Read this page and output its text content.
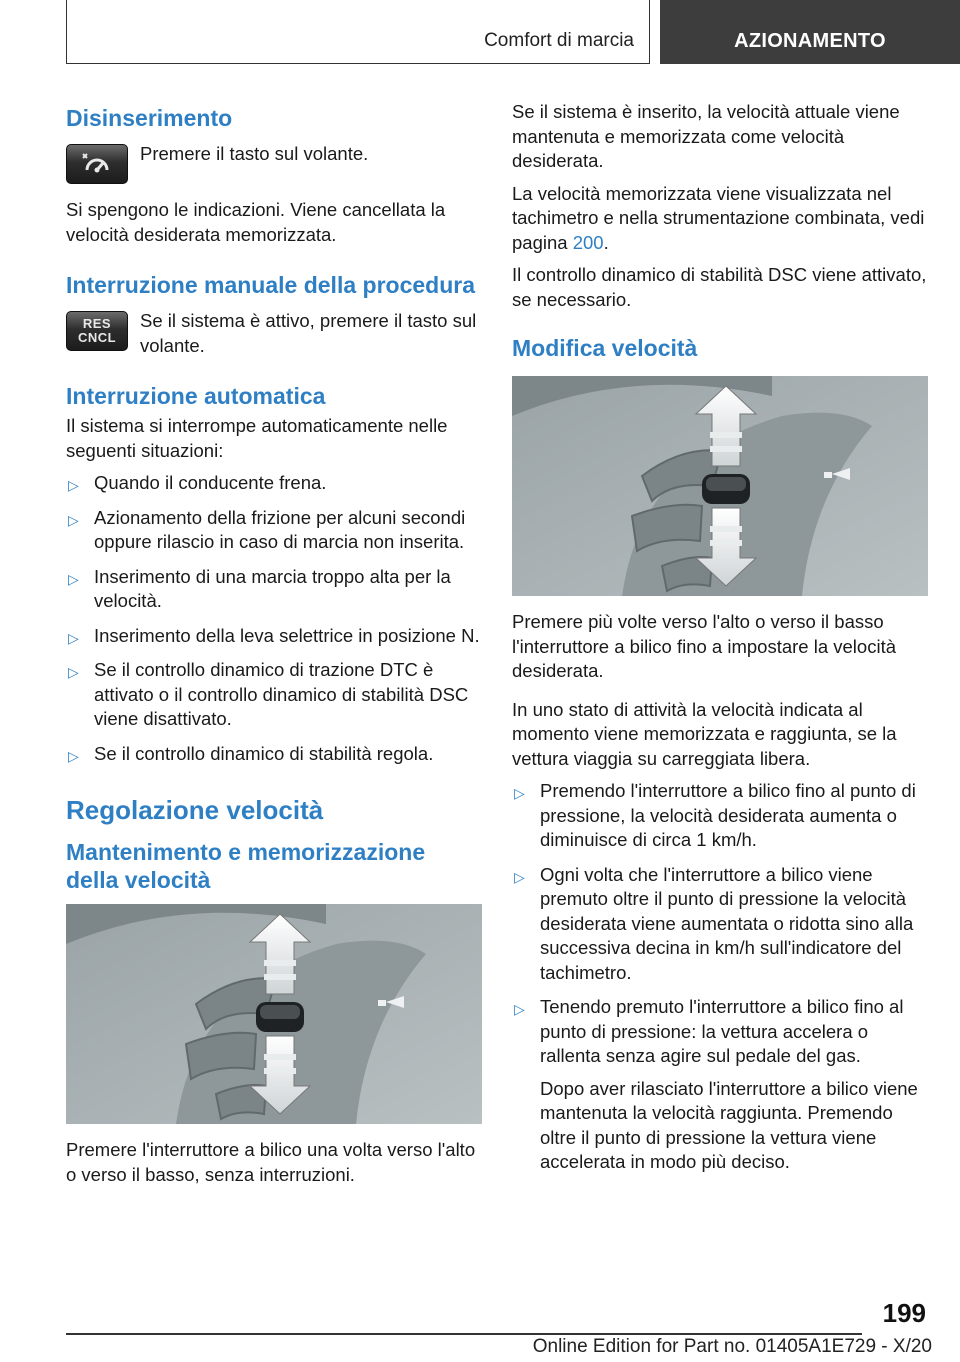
Comfort di marcia	AZIONAMENTO
Disinserimento
Premere il tasto sul volante.

Si spengono le indicazioni. Viene cancellata la velocità desiderata memorizzata.

Interruzione manuale della procedura
RES
CNCL
Se il sistema è attivo, premere il tasto sul volante.
Interruzione automatica

Il sistema si interrompe automaticamente nelle seguenti situazioni:

▷ Quando il conducente frena.
▷ Azionamento della frizione per alcuni secondi oppure rilascio in caso di marcia non inserita.
▷ Inserimento di una marcia troppo alta per la velocità.
▷ Inserimento della leva selettrice in posizione N.
▷ Se il controllo dinamico di trazione DTC è attivato o il controllo dinamico di stabilità DSC viene disattivato.
▷ Se il controllo dinamico di stabilità regola.
Regolazione velocità
Mantenimento e memorizzazione della velocità

Premere l'interruttore a bilico una volta verso l'alto o verso il basso, senza interruzioni.

Se il sistema è inserito, la velocità attuale viene mantenuta e memorizzata come velocità desiderata.

La velocità memorizzata viene visualizzata nel tachimetro e nella strumentazione combinata, vedi pagina 200.

Il controllo dinamico di stabilità DSC viene attivato, se necessario.

Modifica velocità

Premere più volte verso l'alto o verso il basso l'interruttore a bilico fino a impostare la velocità desiderata.

In uno stato di attività la velocità indicata al momento viene memorizzata e raggiunta, se la vettura viaggia su carreggiata libera.

▷ Premendo l'interruttore a bilico fino al punto di pressione, la velocità desiderata aumenta o diminuisce di circa 1 km/h.
▷ Ogni volta che l'interruttore a bilico viene premuto oltre il punto di pressione la velocità desiderata viene aumentata o ridotta sino alla successiva decina in km/h sull'indicatore del tachimetro.
▷ Tenendo premuto l'interruttore a bilico fino al punto di pressione: la vettura accelera o rallenta senza agire sul pedale del gas.

Dopo aver rilasciato l'interruttore a bilico viene mantenuta la velocità raggiunta. Premendo oltre il punto di pressione la vettura viene accelerata in modo più deciso.

199
Online Edition for Part no. 01405A1E729 - X/20
